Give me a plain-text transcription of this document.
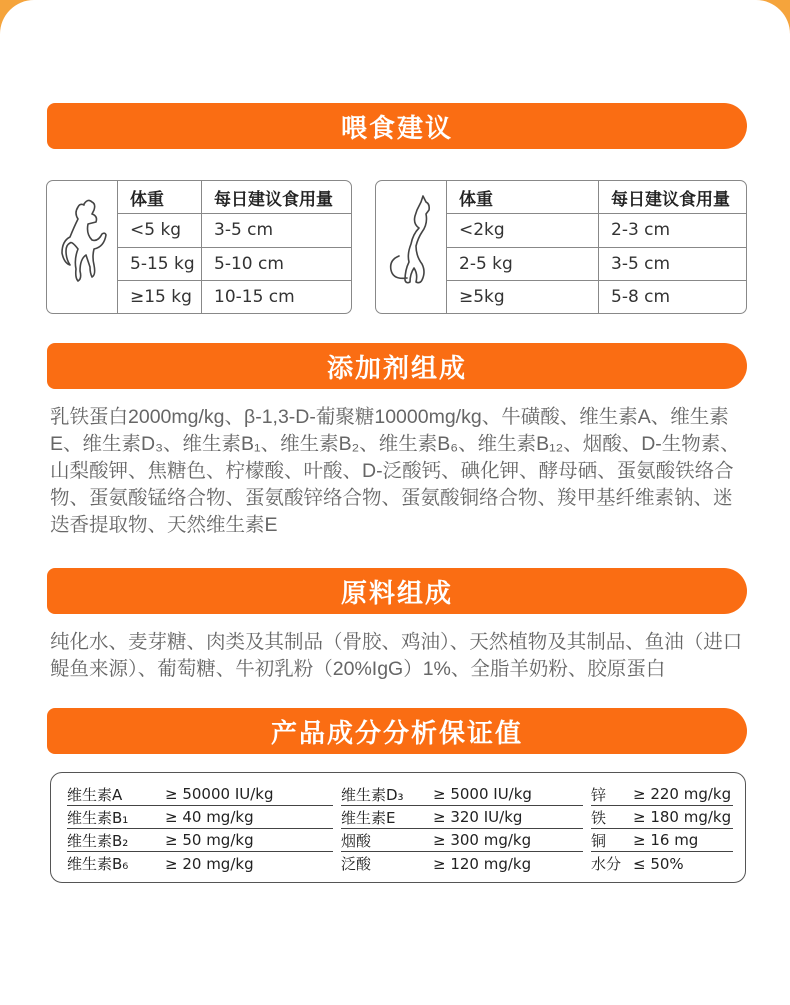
喂食建议
体重	每日建议食用量
<5 kg	3-5 cm
5-15 kg	5-10 cm
≥15 kg	10-15 cm
体重	每日建议食用量
<2kg	2-3 cm
2-5 kg	3-5 cm
≥5kg	5-8 cm
添加剂组成
乳铁蛋白2000mg/kg、β-1,3-D-葡聚糖10000mg/kg、牛磺酸、维生素A、维生素E、维生素D₃、维生素B₁、维生素B₂、维生素B₆、维生素B₁₂、烟酸、D-生物素、山梨酸钾、焦糖色、柠檬酸、叶酸、D-泛酸钙、碘化钾、酵母硒、蛋氨酸铁络合物、蛋氨酸锰络合物、蛋氨酸锌络合物、蛋氨酸铜络合物、羧甲基纤维素钠、迷迭香提取物、天然维生素E
原料组成
纯化水、麦芽糖、肉类及其制品（骨胶、鸡油）、天然植物及其制品、鱼油（进口鳀鱼来源）、葡萄糖、牛初乳粉（20%IgG）1%、全脂羊奶粉、胶原蛋白
产品成分分析保证值
维生素A	≥ 50000 IU/kg	维生素D₃	≥ 5000 IU/kg	锌	≥ 220 mg/kg
维生素B₁	≥ 40 mg/kg	维生素E	≥ 320 IU/kg	铁	≥ 180 mg/kg
维生素B₂	≥ 50 mg/kg	烟酸	≥ 300 mg/kg	铜	≥ 16 mg
维生素B₆	≥ 20 mg/kg	泛酸	≥ 120 mg/kg	水分 ≤ 50%
